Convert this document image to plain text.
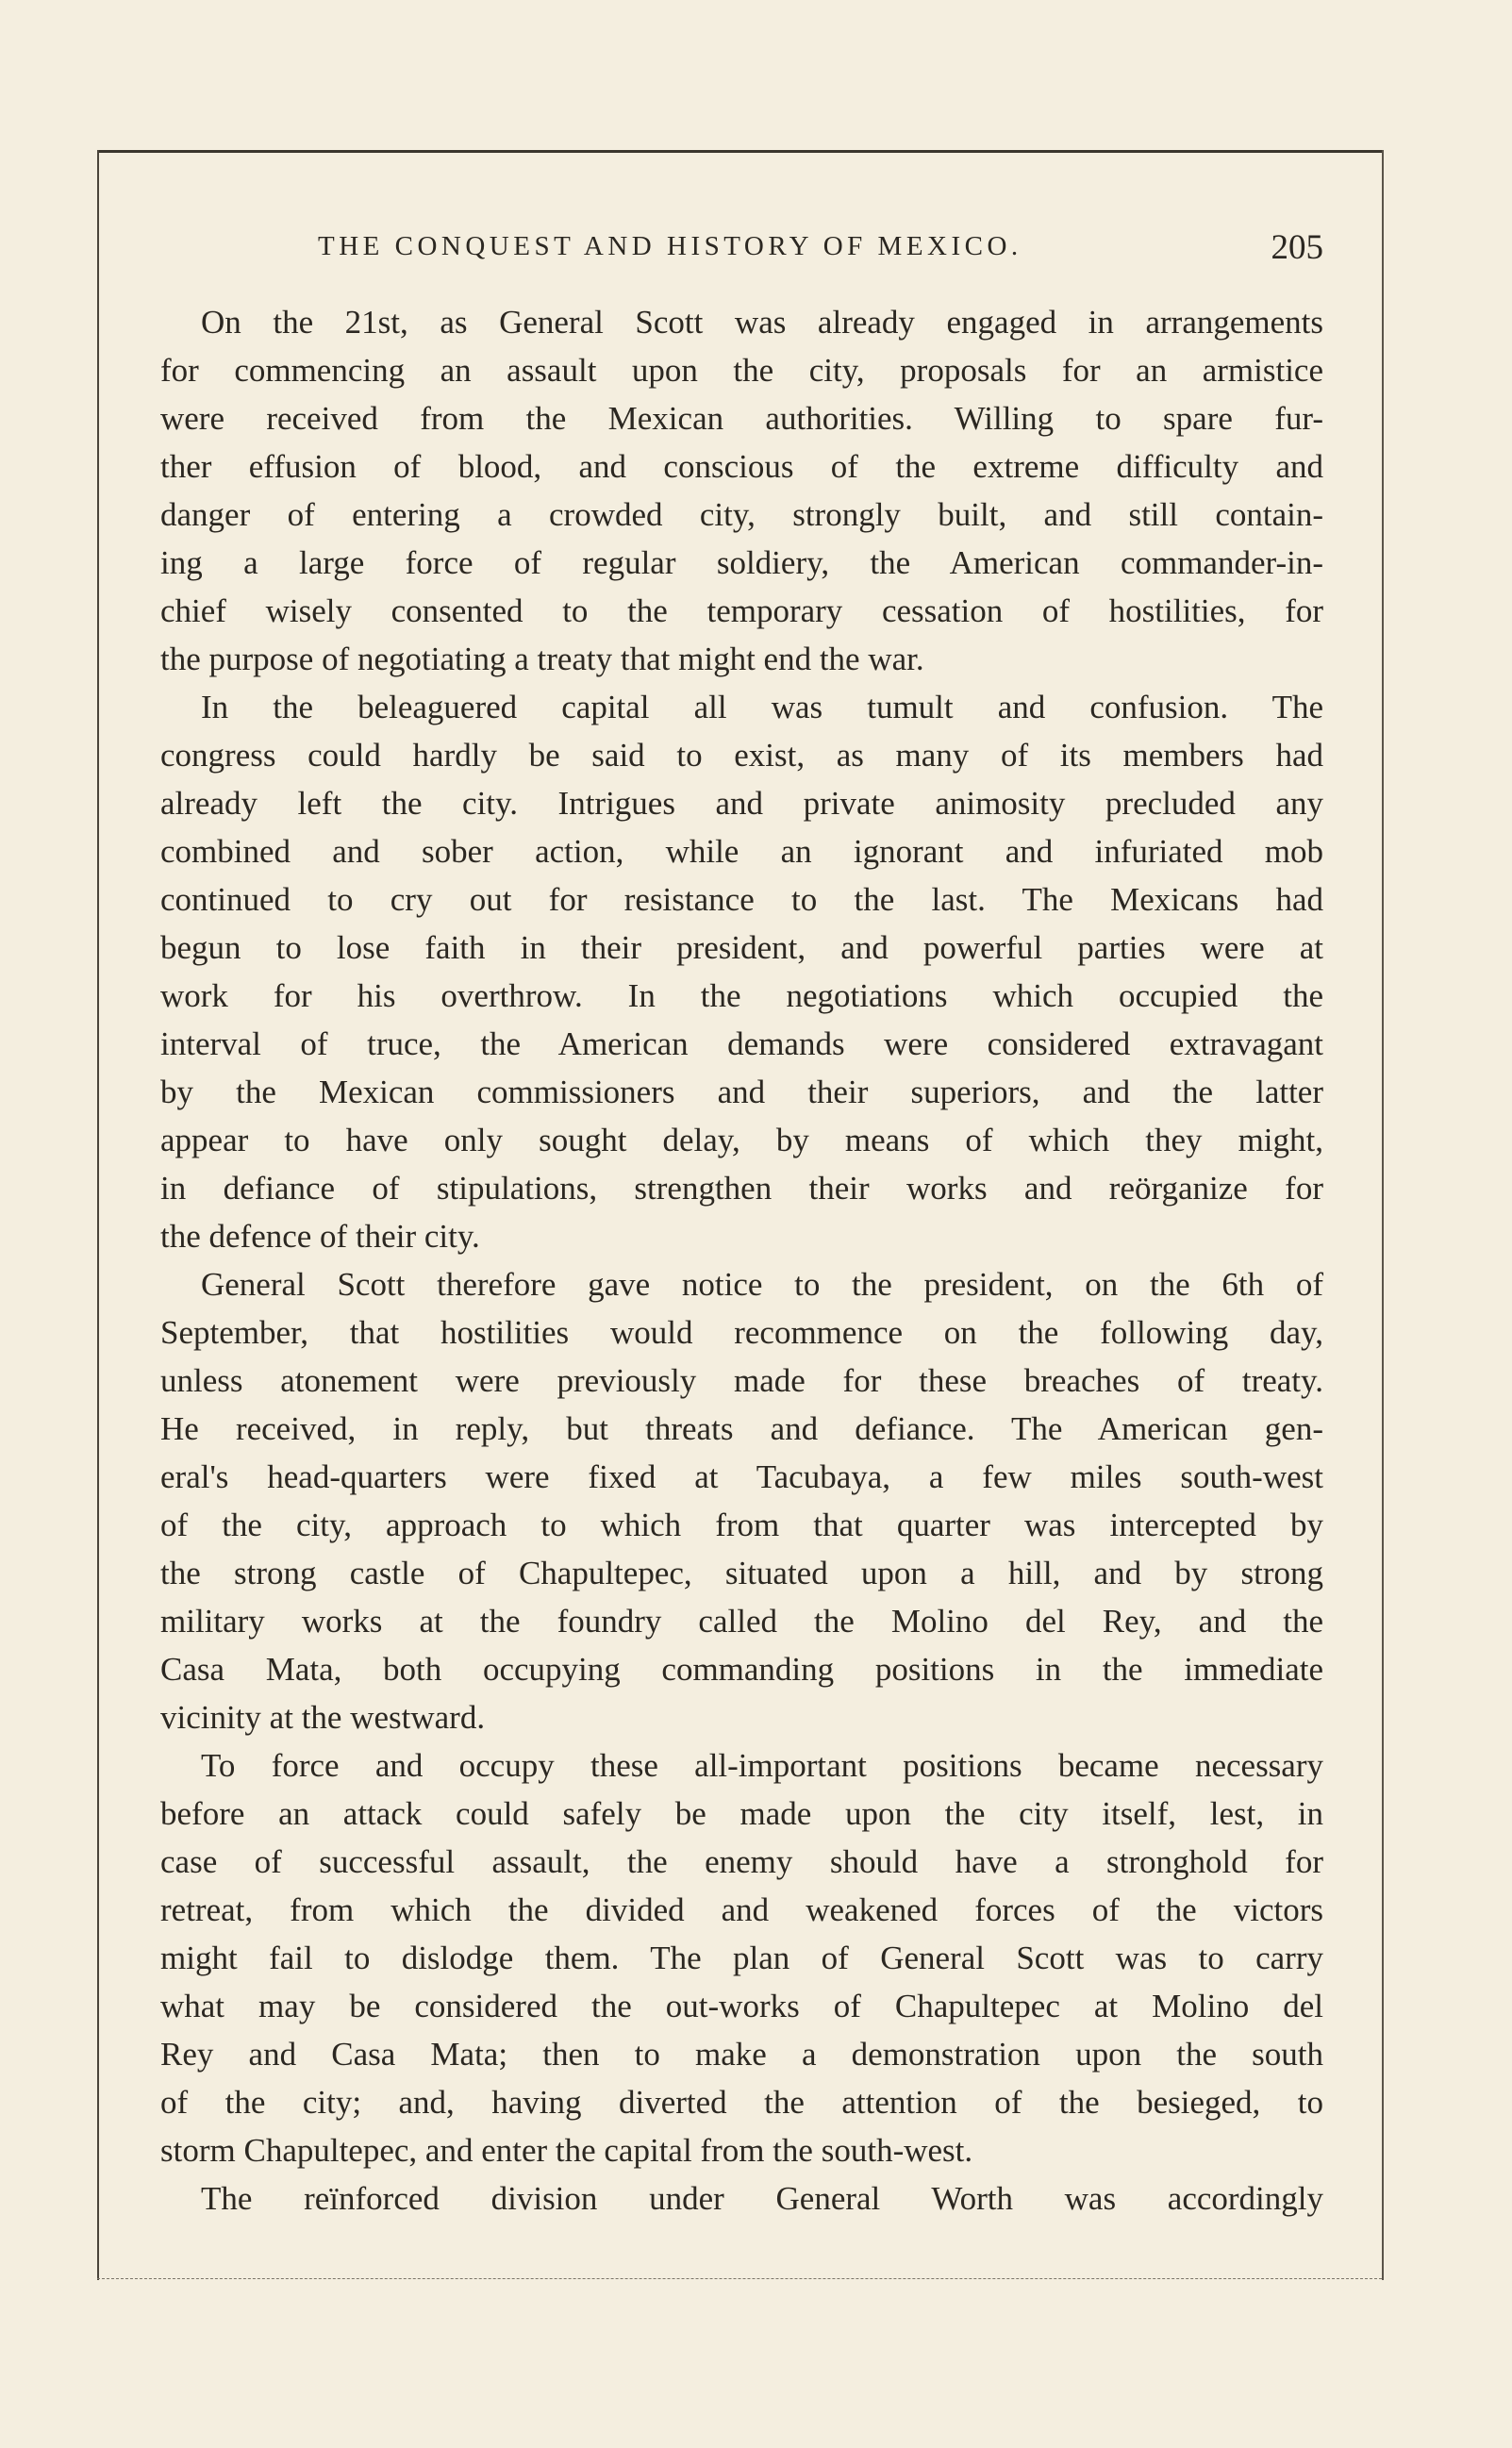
THE CONQUEST AND HISTORY OF MEXICO.	205
On the 21st, as General Scott was already engaged in arrangements
for commencing an assault upon the city, proposals for an armistice
were received from the Mexican authorities. Willing to spare fur-
ther effusion of blood, and conscious of the extreme difficulty and
danger of entering a crowded city, strongly built, and still contain-
ing a large force of regular soldiery, the American commander-in-
chief wisely consented to the temporary cessation of hostilities, for
the purpose of negotiating a treaty that might end the war.
In the beleaguered capital all was tumult and confusion. The
congress could hardly be said to exist, as many of its members had
already left the city. Intrigues and private animosity precluded any
combined and sober action, while an ignorant and infuriated mob
continued to cry out for resistance to the last. The Mexicans had
begun to lose faith in their president, and powerful parties were at
work for his overthrow. In the negotiations which occupied the
interval of truce, the American demands were considered extravagant
by the Mexican commissioners and their superiors, and the latter
appear to have only sought delay, by means of which they might,
in defiance of stipulations, strengthen their works and reörganize for
the defence of their city.
General Scott therefore gave notice to the president, on the 6th of
September, that hostilities would recommence on the following day,
unless atonement were previously made for these breaches of treaty.
He received, in reply, but threats and defiance. The American gen-
eral's head-quarters were fixed at Tacubaya, a few miles south-west
of the city, approach to which from that quarter was intercepted by
the strong castle of Chapultepec, situated upon a hill, and by strong
military works at the foundry called the Molino del Rey, and the
Casa Mata, both occupying commanding positions in the immediate
vicinity at the westward.
To force and occupy these all-important positions became necessary
before an attack could safely be made upon the city itself, lest, in
case of successful assault, the enemy should have a stronghold for
retreat, from which the divided and weakened forces of the victors
might fail to dislodge them. The plan of General Scott was to carry
what may be considered the out-works of Chapultepec at Molino del
Rey and Casa Mata; then to make a demonstration upon the south
of the city; and, having diverted the attention of the besieged, to
storm Chapultepec, and enter the capital from the south-west.
The reïnforced division under General Worth was accordingly
